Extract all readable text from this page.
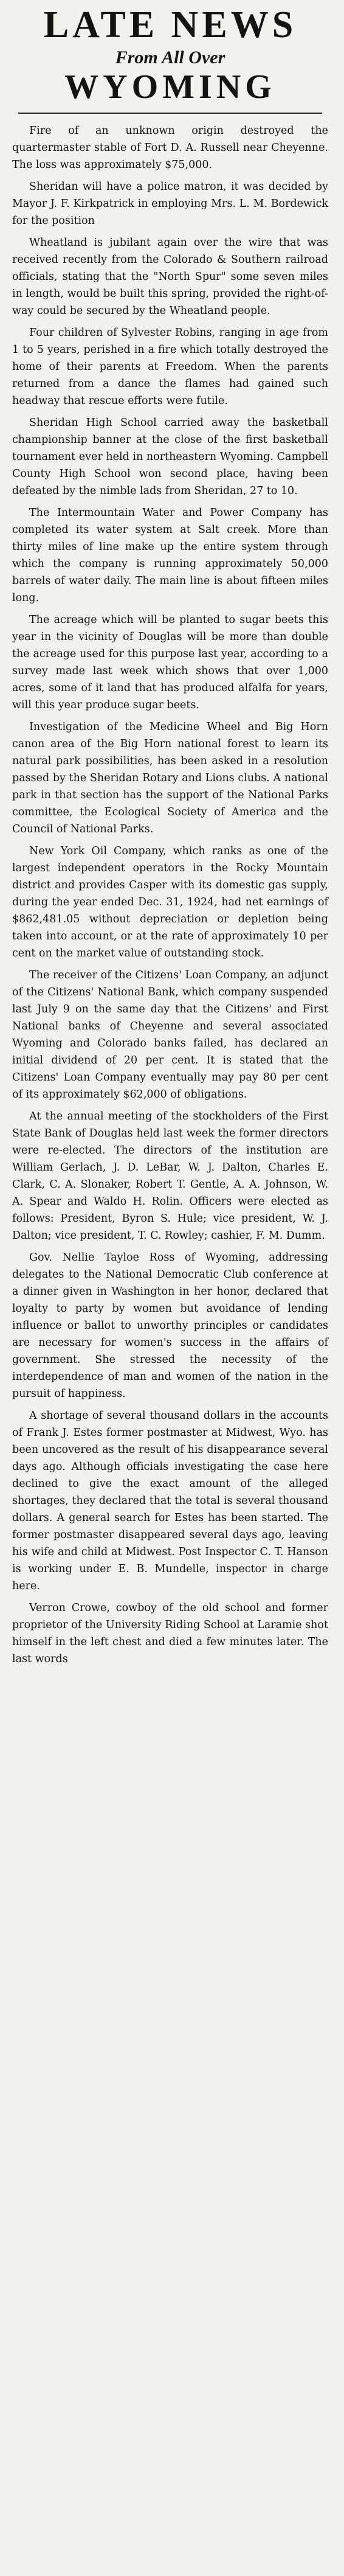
LATE NEWS
From All Over
WYOMING

Fire of an unknown origin destroyed the quartermaster stable of Fort D. A. Russell near Cheyenne. The loss was approximately $75,000.

Sheridan will have a police matron, it was decided by Mayor J. F. Kirkpatrick in employing Mrs. L. M. Bordewick for the position

Wheatland is jubilant again over the wire that was received recently from the Colorado & Southern railroad officials, stating that the "North Spur" some seven miles in length, would be built this spring, provided the right-of-way could be secured by the Wheatland people.

Four children of Sylvester Robins, ranging in age from 1 to 5 years, perished in a fire which totally destroyed the home of their parents at Freedom. When the parents returned from a dance the flames had gained such headway that rescue efforts were futile.

Sheridan High School carried away the basketball championship banner at the close of the first basketball tournament ever held in northeastern Wyoming. Campbell County High School won second place, having been defeated by the nimble lads from Sheridan, 27 to 10.

The Intermountain Water and Power Company has completed its water system at Salt creek. More than thirty miles of line make up the entire system through which the company is running approximately 50,000 barrels of water daily. The main line is about fifteen miles long.

The acreage which will be planted to sugar beets this year in the vicinity of Douglas will be more than double the acreage used for this purpose last year, according to a survey made last week which shows that over 1,000 acres, some of it land that has produced alfalfa for years, will this year produce sugar beets.

Investigation of the Medicine Wheel and Big Horn canon area of the Big Horn national forest to learn its natural park possibilities, has been asked in a resolution passed by the Sheridan Rotary and Lions clubs. A national park in that section has the support of the National Parks committee, the Ecological Society of America and the Council of National Parks.

New York Oil Company, which ranks as one of the largest independent operators in the Rocky Mountain district and provides Casper with its domestic gas supply, during the year ended Dec. 31, 1924, had net earnings of $862,481.05 without depreciation or depletion being taken into account, or at the rate of approximately 10 per cent on the market value of outstanding stock.

The receiver of the Citizens' Loan Company, an adjunct of the Citizens' National Bank, which company suspended last July 9 on the same day that the Citizens' and First National banks of Cheyenne and several associated Wyoming and Colorado banks failed, has declared an initial dividend of 20 per cent. It is stated that the Citizens' Loan Company eventually may pay 80 per cent of its approximately $62,000 of obligations.

At the annual meeting of the stockholders of the First State Bank of Douglas held last week the former directors were re-elected. The directors of the institution are William Gerlach, J. D. LeBar, W. J. Dalton, Charles E. Clark, C. A. Slonaker, Robert T. Gentle, A. A. Johnson, W. A. Spear and Waldo H. Rolin. Officers were elected as follows: President, Byron S. Hule; vice president, W. J. Dalton; vice president, T. C. Rowley; cashier, F. M. Dumm.

Gov. Nellie Tayloe Ross of Wyoming, addressing delegates to the National Democratic Club conference at a dinner given in Washington in her honor, declared that loyalty to party by women but avoidance of lending influence or ballot to unworthy principles or candidates are necessary for women's success in the affairs of government. She stressed the necessity of the interdependence of man and women of the nation in the pursuit of happiness.

A shortage of several thousand dollars in the accounts of Frank J. Estes former postmaster at Midwest, Wyo. has been uncovered as the result of his disappearance several days ago. Although officials investigating the case here declined to give the exact amount of the alleged shortages, they declared that the total is several thousand dollars. A general search for Estes has been started. The former postmaster disappeared several days ago, leaving his wife and child at Midwest. Post Inspector C. T. Hanson is working under E. B. Mundelle, inspector in charge here.

Verron Crowe, cowboy of the old school and former proprietor of the University Riding School at Laramie shot himself in the left chest and died a few minutes later. The last words
